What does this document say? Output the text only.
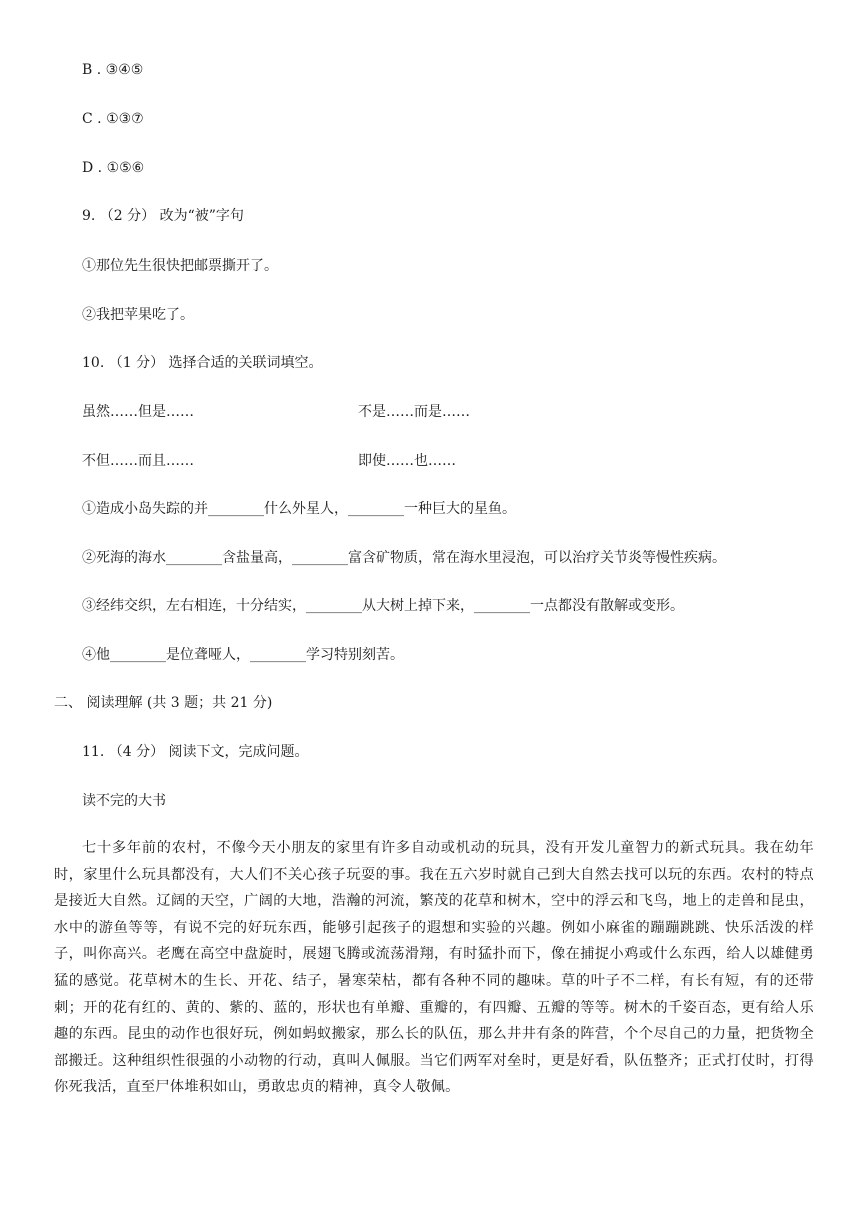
B . ③④⑤
C . ①③⑦
D . ①⑤⑥
9. （2 分） 改为“被”字句
①那位先生很快把邮票撕开了。
②我把苹果吃了。
10. （1 分） 选择合适的关联词填空。
虽然……但是……	不是……而是……
不但……而且……	即使……也……
①造成小岛失踪的并________什么外星人，________一种巨大的星鱼。
②死海的海水________含盐量高，________富含矿物质，常在海水里浸泡，可以治疗关节炎等慢性疾病。
③经纬交织，左右相连，十分结实，________从大树上掉下来，________一点都没有散解或变形。
④他________是位聋哑人，________学习特别刻苦。
二、 阅读理解 (共 3 题；共 21 分)
11. （4 分） 阅读下文，完成问题。
读不完的大书
七十多年前的农村，不像今天小朋友的家里有许多自动或机动的玩具，没有开发儿童智力的新式玩具。我在幼年时，家里什么玩具都没有，大人们不关心孩子玩耍的事。我在五六岁时就自己到大自然去找可以玩的东西。农村的特点是接近大自然。辽阔的天空，广阔的大地，浩瀚的河流，繁茂的花草和树木，空中的浮云和飞鸟，地上的走兽和昆虫，水中的游鱼等等，有说不完的好玩东西，能够引起孩子的遐想和实验的兴趣。例如小麻雀的蹦蹦跳跳、快乐活泼的样子，叫你高兴。老鹰在高空中盘旋时，展翅飞腾或流荡滑翔，有时猛扑而下，像在捕捉小鸡或什么东西，给人以雄健勇猛的感觉。花草树木的生长、开花、结子，暑寒荣枯，都有各种不同的趣味。草的叶子不二样，有长有短，有的还带刺；开的花有红的、黄的、紫的、蓝的，形状也有单瓣、重瓣的，有四瓣、五瓣的等等。树木的千姿百态，更有给人乐趣的东西。昆虫的动作也很好玩，例如蚂蚁搬家，那么长的队伍，那么井井有条的阵营，个个尽自己的力量，把货物全部搬迁。这种组织性很强的小动物的行动，真叫人佩服。当它们两军对垒时，更是好看，队伍整齐；正式打仗时，打得你死我活，直至尸体堆积如山，勇敢忠贞的精神，真令人敬佩。
